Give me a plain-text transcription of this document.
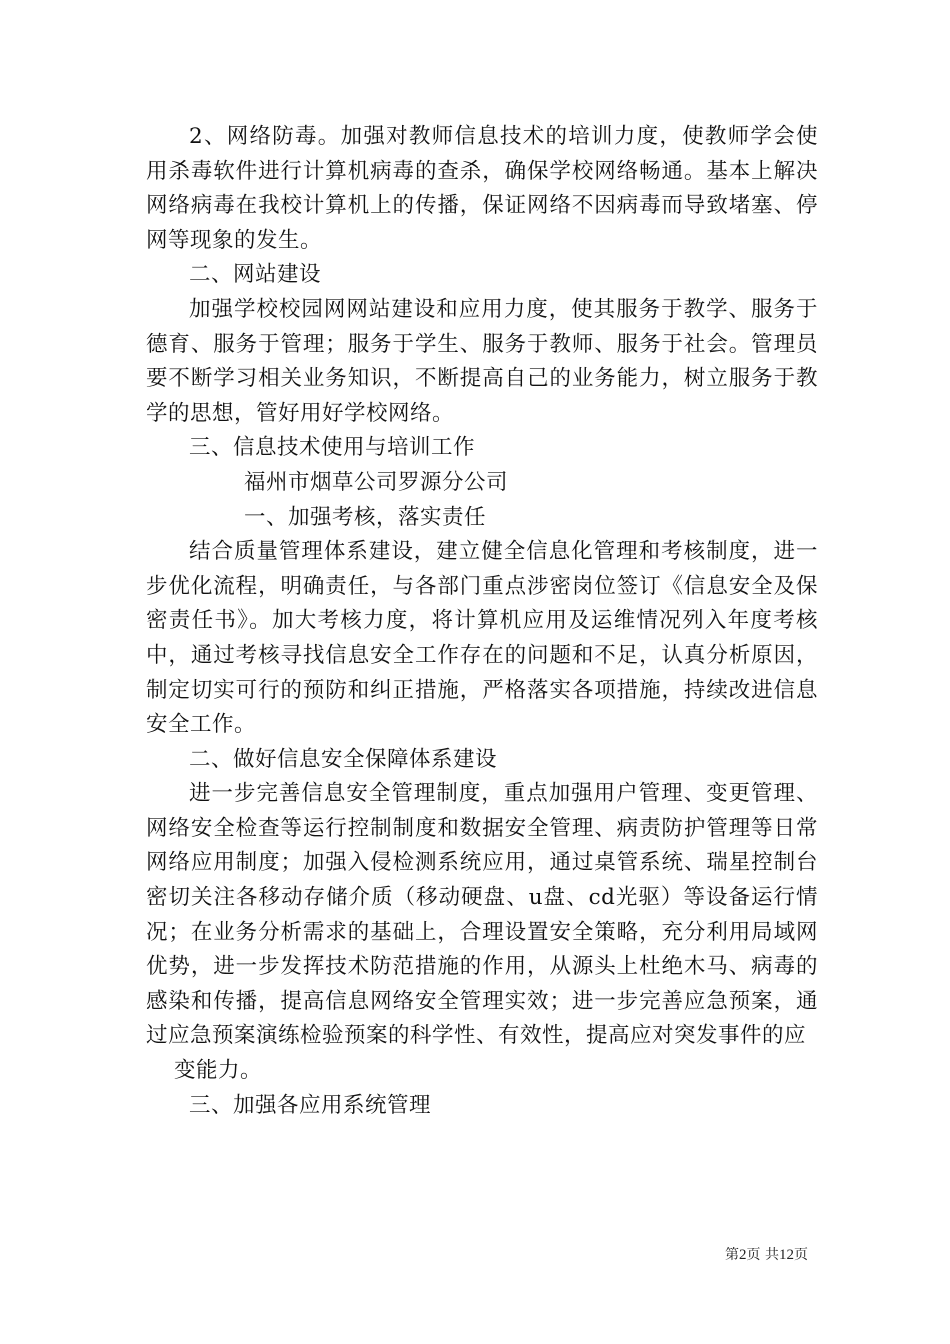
2、网络防毒。加强对教师信息技术的培训力度，使教师学会使用杀毒软件进行计算机病毒的查杀，确保学校网络畅通。基本上解决网络病毒在我校计算机上的传播，保证网络不因病毒而导致堵塞、停网等现象的发生。

二、网站建设

加强学校校园网网站建设和应用力度，使其服务于教学、服务于德育、服务于管理；服务于学生、服务于教师、服务于社会。管理员要不断学习相关业务知识，不断提高自己的业务能力，树立服务于教学的思想，管好用好学校网络。

三、信息技术使用与培训工作

福州市烟草公司罗源分公司

一、加强考核，落实责任

结合质量管理体系建设，建立健全信息化管理和考核制度，进一步优化流程，明确责任，与各部门重点涉密岗位签订《信息安全及保密责任书》。加大考核力度，将计算机应用及运维情况列入年度考核中，通过考核寻找信息安全工作存在的问题和不足，认真分析原因，制定切实可行的预防和纠正措施，严格落实各项措施，持续改进信息安全工作。

二、做好信息安全保障体系建设

进一步完善信息安全管理制度，重点加强用户管理、变更管理、网络安全检查等运行控制制度和数据安全管理、病责防护管理等日常网络应用制度；加强入侵检测系统应用，通过桌管系统、瑞星控制台密切关注各移动存储介质（移动硬盘、u盘、cd光驱）等设备运行情况；在业务分析需求的基础上，合理设置安全策略，充分利用局域网优势，进一步发挥技术防范措施的作用，从源头上杜绝木马、病毒的感染和传播，提高信息网络安全管理实效；进一步完善应急预案，通过应急预案演练检验预案的科学性、有效性，提高应对突发事件的应

变能力。

三、加强各应用系统管理

第2页 共12页
